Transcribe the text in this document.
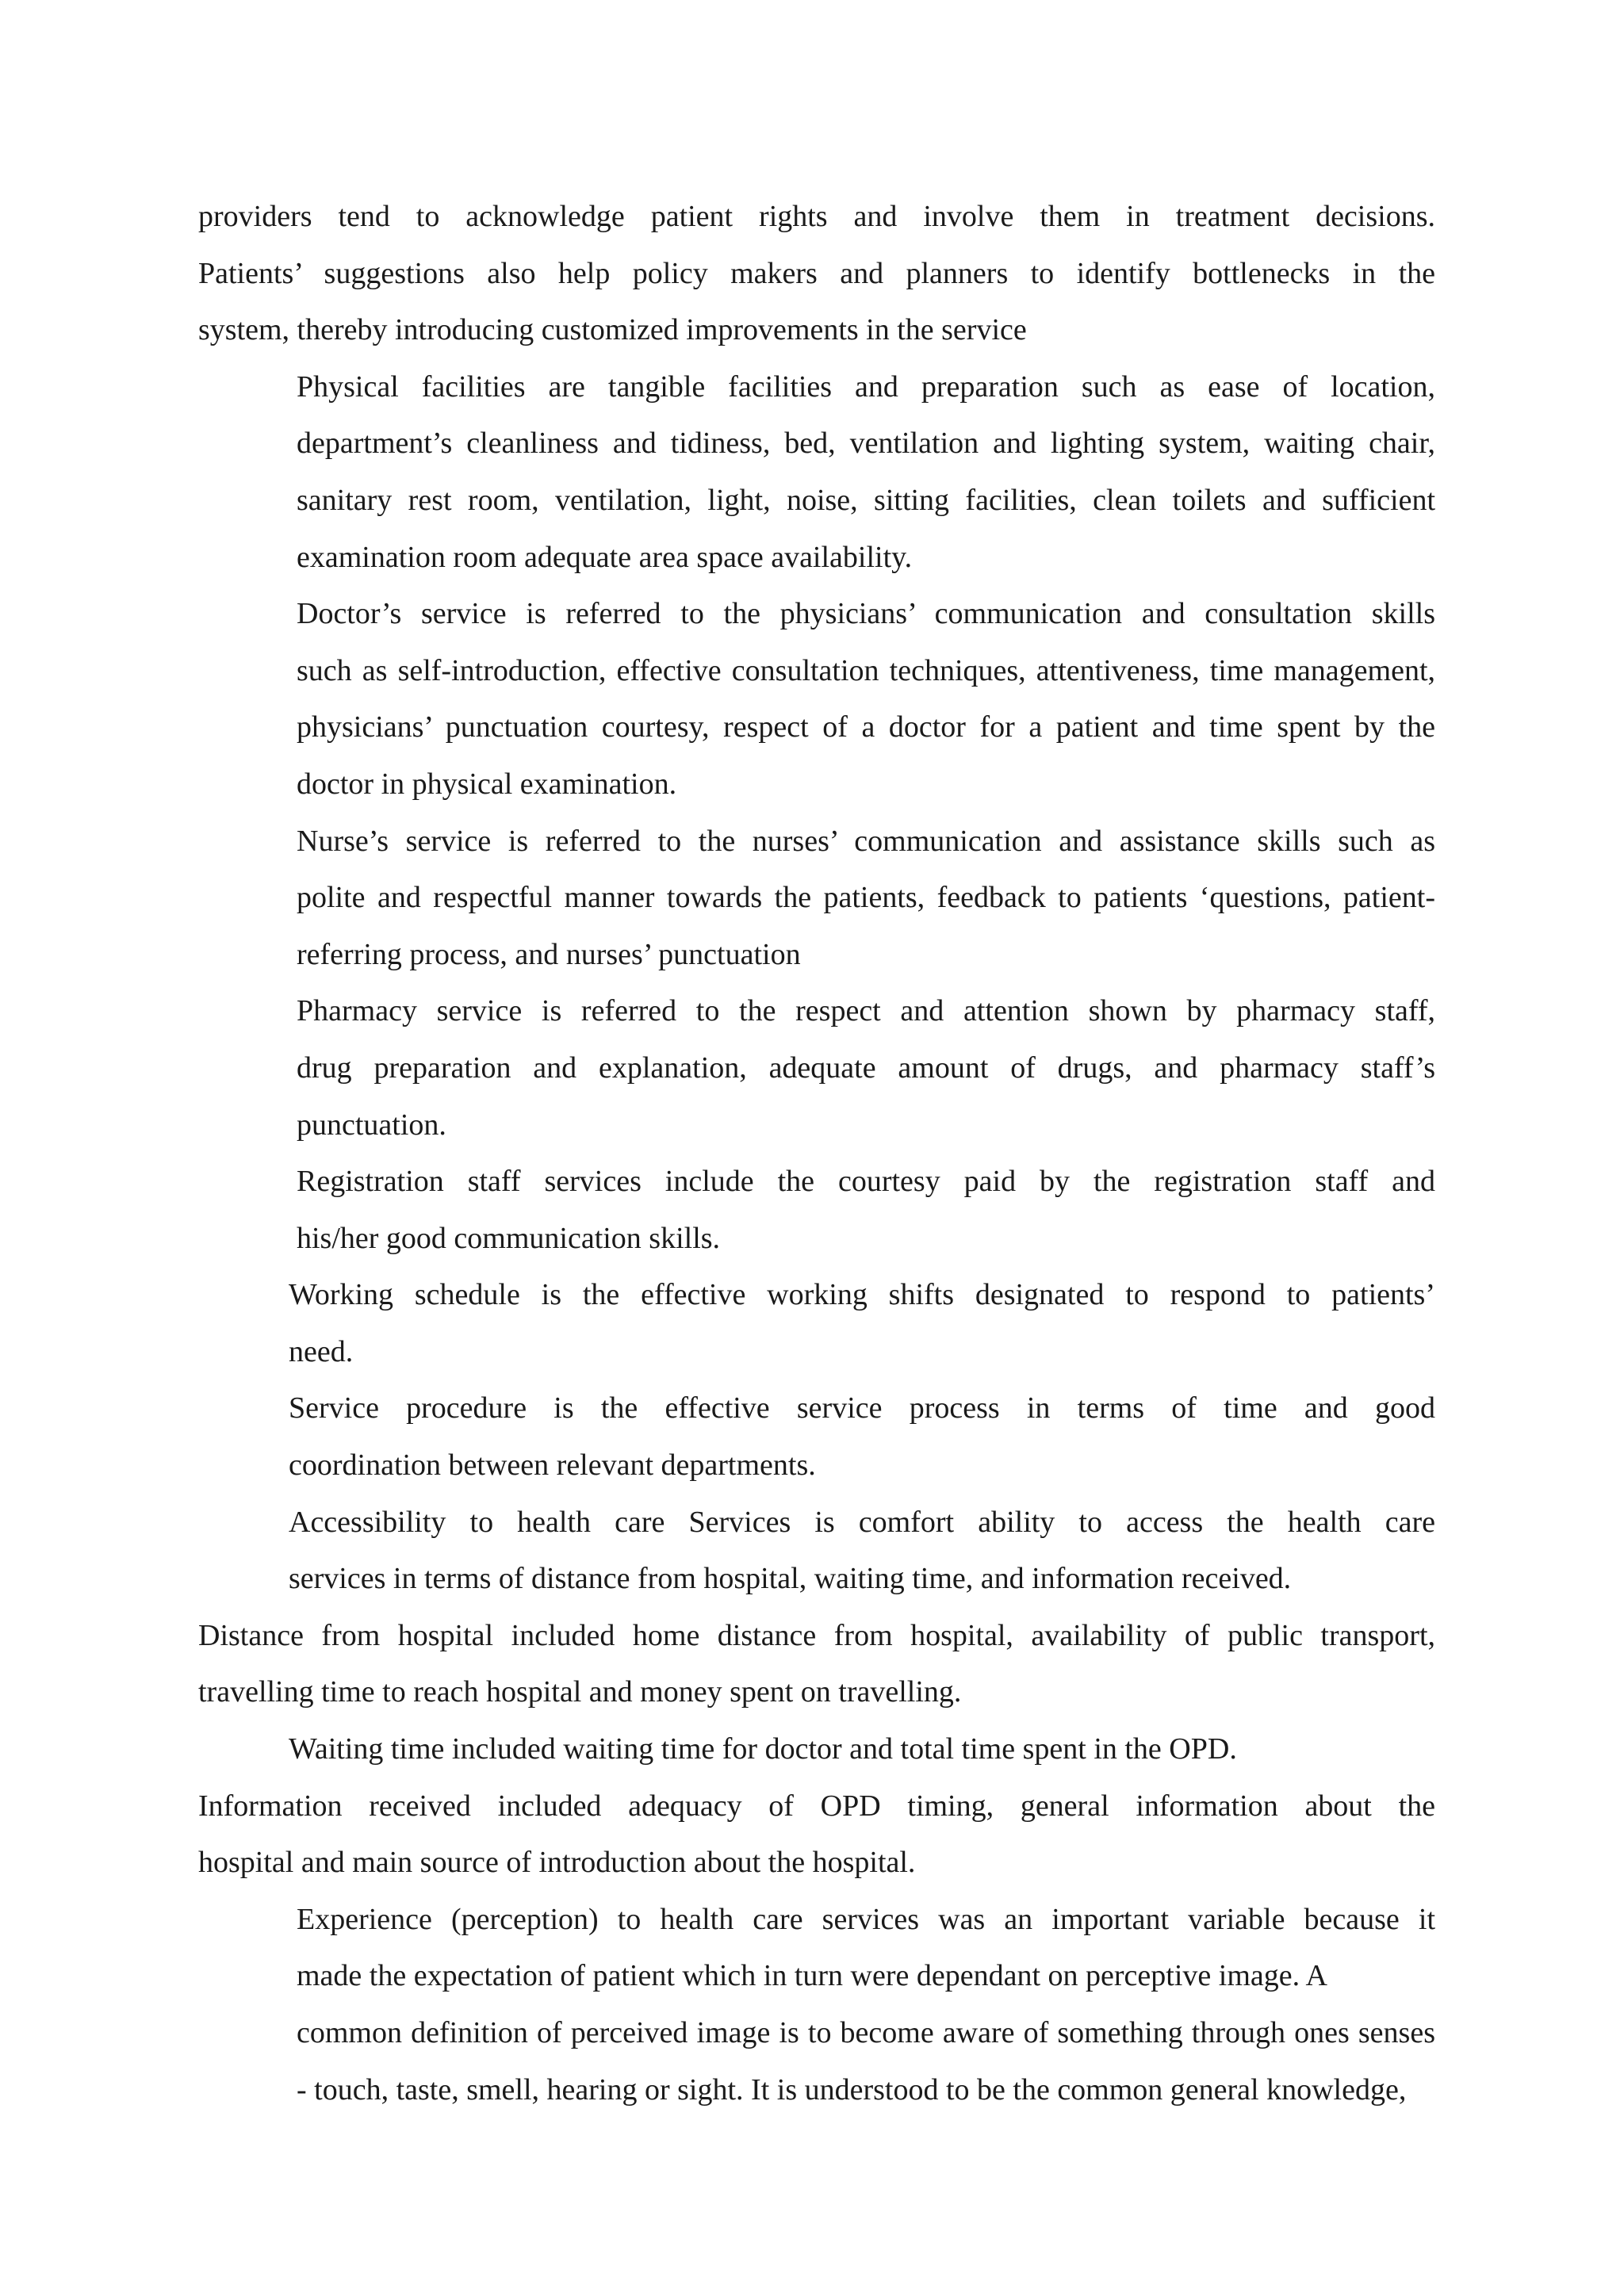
providers tend to acknowledge patient rights and involve them in treatment decisions.
Patients’ suggestions also help policy makers and planners to identify bottlenecks in the
system, thereby introducing customized improvements in the service

Physical facilities are tangible facilities and preparation such as ease of location,
department’s cleanliness and tidiness, bed, ventilation and lighting system, waiting chair,
sanitary rest room, ventilation, light, noise, sitting facilities, clean toilets and sufficient
examination room adequate area space availability.

Doctor’s service is referred to the physicians’ communication and consultation skills
such as self-introduction, effective consultation techniques, attentiveness, time management,
physicians’ punctuation courtesy, respect of a doctor for a patient and time spent by the
doctor in physical examination.

Nurse’s service is referred to the nurses’ communication and assistance skills such as
polite and respectful manner towards the patients, feedback to patients ‘questions, patient-
referring process, and nurses’ punctuation

Pharmacy service is referred to the respect and attention shown by pharmacy staff,
drug preparation and explanation, adequate amount of drugs, and pharmacy staff’s
punctuation.

Registration staff services include the courtesy paid by the registration staff and
his/her good communication skills.

Working schedule is the effective working shifts designated to respond to patients’
need.

Service procedure is the effective service process in terms of time and good
coordination between relevant departments.

Accessibility to health care Services is comfort ability to access the health care
services in terms of distance from hospital, waiting time, and information received.

Distance from hospital included home distance from hospital, availability of public transport,
travelling time to reach hospital and money spent on travelling.

Waiting time included waiting time for doctor and total time spent in the OPD.

Information received included adequacy of OPD timing, general information about the
hospital and main source of introduction about the hospital.

Experience (perception) to health care services was an important variable because it
made the expectation of patient which in turn were dependant on perceptive image. A
common definition of perceived image is to become aware of something through ones senses
- touch, taste, smell, hearing or sight. It is understood to be the common general knowledge,
